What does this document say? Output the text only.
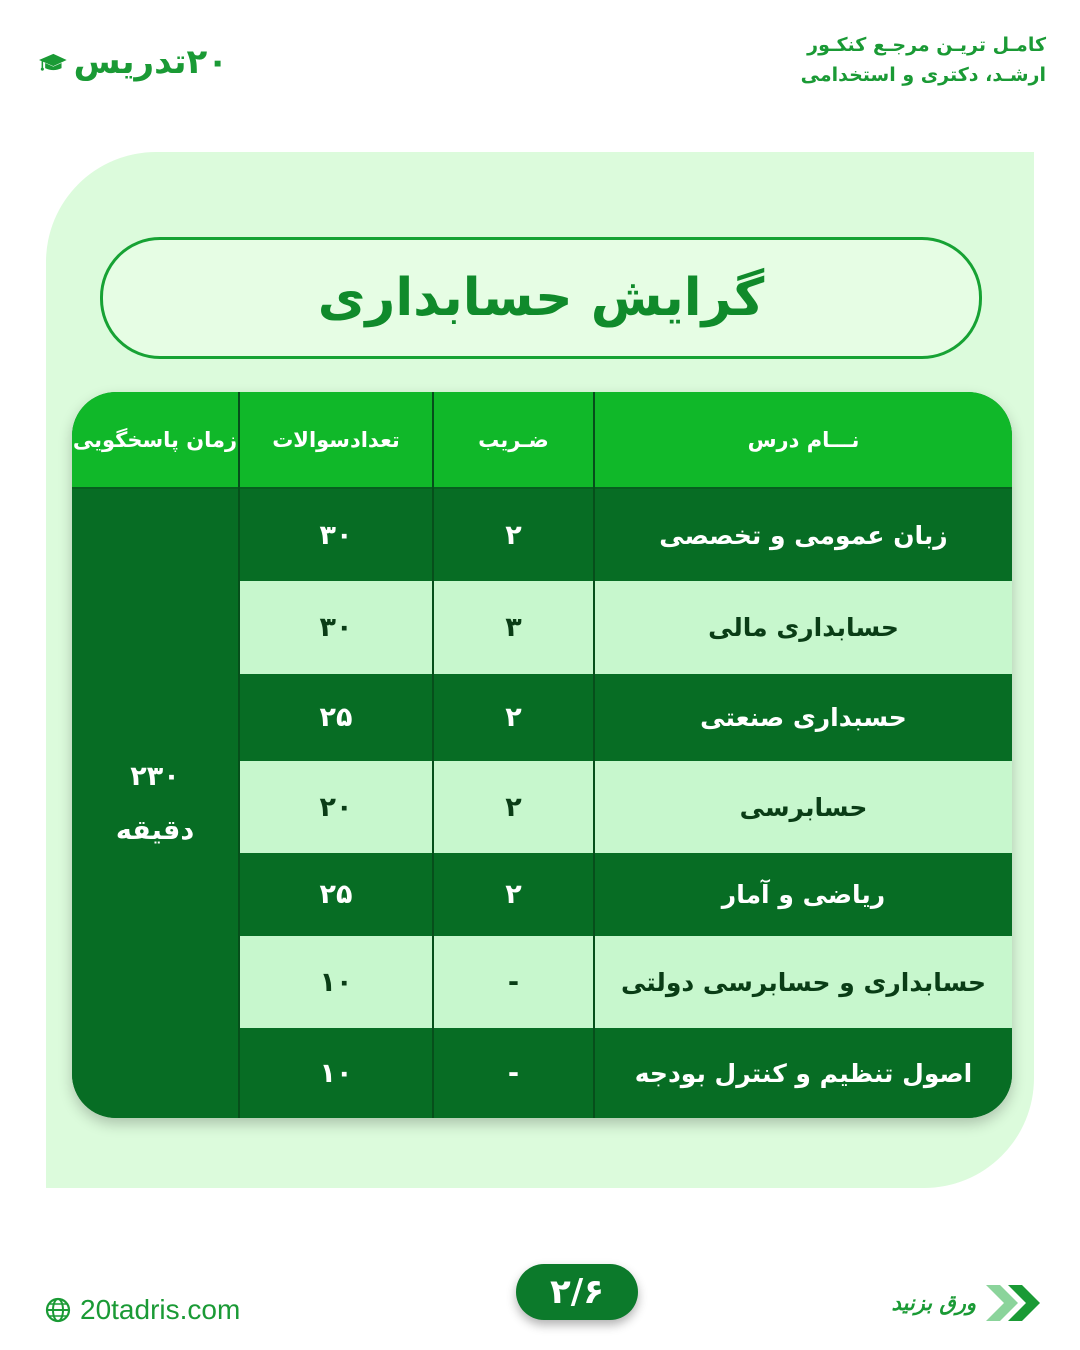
۲۰تدریس	کامـل تریـن مرجـع کنکـور
ارشـد، دکتری و استخدامی
گرایش حسابداری
زمان پاسخگویی	تعدادسوالات	ضـریب	نـــام درس
۲۳۰
دقیقه
۳۰	۲	زبان عمومی و تخصصی
۳۰	۳	حسابداری مالی
۲۵	۲	حسبداری صنعتی
۲۰	۲	حسابرسی
۲۵	۲	ریاضی و آمار
۱۰	-	حسابداری و حسابرسی دولتی
۱۰	-	اصول تنظیم و کنترل بودجه
20tadris.com	۲/۶	ورق بزنید
